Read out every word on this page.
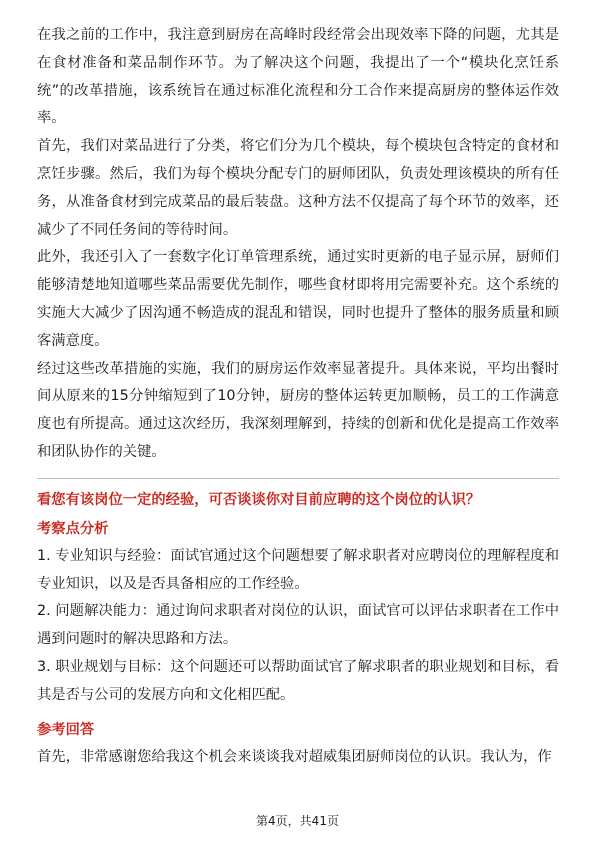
在我之前的工作中，我注意到厨房在高峰时段经常会出现效率下降的问题，尤其是在食材准备和菜品制作环节。为了解决这个问题，我提出了一个“模块化烹饪系统”的改革措施，该系统旨在通过标准化流程和分工合作来提高厨房的整体运作效率。

首先，我们对菜品进行了分类，将它们分为几个模块，每个模块包含特定的食材和烹饪步骤。然后，我们为每个模块分配专门的厨师团队，负责处理该模块的所有任务，从准备食材到完成菜品的最后装盘。这种方法不仅提高了每个环节的效率，还减少了不同任务间的等待时间。

此外，我还引入了一套数字化订单管理系统，通过实时更新的电子显示屏，厨师们能够清楚地知道哪些菜品需要优先制作，哪些食材即将用完需要补充。这个系统的实施大大减少了因沟通不畅造成的混乱和错误，同时也提升了整体的服务质量和顾客满意度。

经过这些改革措施的实施，我们的厨房运作效率显著提升。具体来说，平均出餐时间从原来的15分钟缩短到了10分钟，厨房的整体运转更加顺畅，员工的工作满意度也有所提高。通过这次经历，我深刻理解到，持续的创新和优化是提高工作效率和团队协作的关键。

看您有该岗位一定的经验，可否谈谈你对目前应聘的这个岗位的认识？

考察点分析

1. 专业知识与经验：面试官通过这个问题想要了解求职者对应聘岗位的理解程度和专业知识，以及是否具备相应的工作经验。

2. 问题解决能力：通过询问求职者对岗位的认识，面试官可以评估求职者在工作中遇到问题时的解决思路和方法。

3. 职业规划与目标：这个问题还可以帮助面试官了解求职者的职业规划和目标，看其是否与公司的发展方向和文化相匹配。

参考回答

首先，非常感谢您给我这个机会来谈谈我对超威集团厨师岗位的认识。我认为，作

第4页，共41页
